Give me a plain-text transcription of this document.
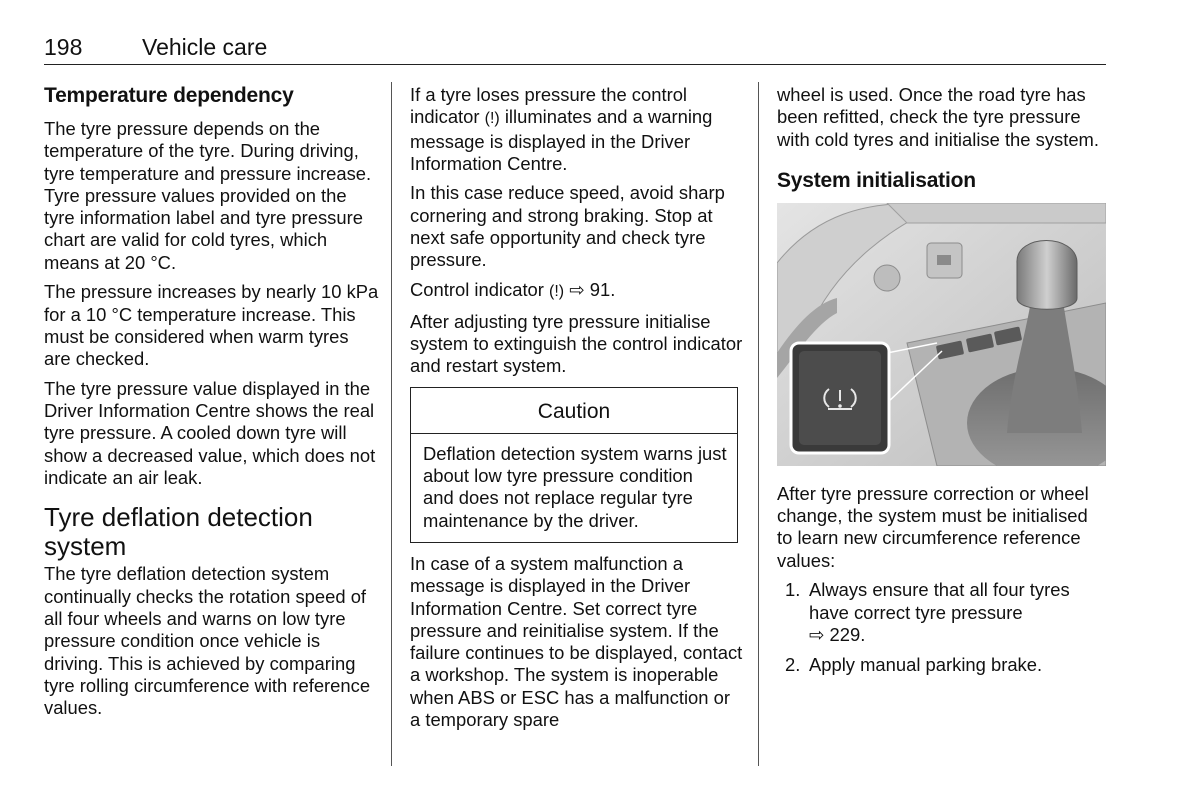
198	Vehicle care
Temperature dependency

The tyre pressure depends on the temperature of the tyre. During driving, tyre temperature and pressure increase. Tyre pressure values provided on the tyre information label and tyre pressure chart are valid for cold tyres, which means at 20 °C.

The pressure increases by nearly 10 kPa for a 10 °C temperature increase. This must be considered when warm tyres are checked.

The tyre pressure value displayed in the Driver Information Centre shows the real tyre pressure. A cooled down tyre will show a decreased value, which does not indicate an air leak.

Tyre deflation detection system

The tyre deflation detection system continually checks the rotation speed of all four wheels and warns on low tyre pressure condition once vehicle is driving. This is achieved by comparing tyre rolling circumference with reference values.

If a tyre loses pressure the control indicator (!) illuminates and a warning message is displayed in the Driver Information Centre.

In this case reduce speed, avoid sharp cornering and strong braking. Stop at next safe opportunity and check tyre pressure.

Control indicator (!) ⇨ 91.

After adjusting tyre pressure initialise system to extinguish the control indicator and restart system.

Caution
Deflation detection system warns just about low tyre pressure condition and does not replace regular tyre maintenance by the driver.

In case of a system malfunction a message is displayed in the Driver Information Centre. Set correct tyre pressure and reinitialise system. If the failure continues to be displayed, contact a workshop. The system is inoperable when ABS or ESC has a malfunction or a temporary spare

wheel is used. Once the road tyre has been refitted, check the tyre pressure with cold tyres and initialise the system.

System initialisation

After tyre pressure correction or wheel change, the system must be initialised to learn new circumference reference values:

1. Always ensure that all four tyres have correct tyre pressure
⇨ 229.
2. Apply manual parking brake.
